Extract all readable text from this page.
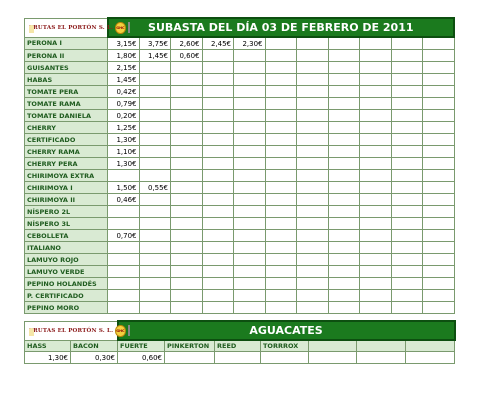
FRUTAS EL PORTÓN S. L. GHC	SUBASTA DEL DÍA 03 DE FEBRERO DE 2011										
PERONA I	3,15€	3,75€	2,60€	2,45€	2,30€						
PERONA II	1,80€	1,45€	0,60€								
GUISANTES	2,15€										
HABAS	1,45€										
TOMATE PERA	0,42€										
TOMATE RAMA	0,79€										
TOMATE DANIELA	0,20€										
CHERRY	1,25€										
CERTIFICADO	1,30€										
CHERRY RAMA	1,10€										
CHERRY PERA	1,30€										
CHIRIMOYA EXTRA											
CHIRIMOYA I	1,50€	0,55€									
CHIRIMOYA II	0,46€										
NÍSPERO 2L											
NÍSPERO 3L											
CEBOLLETA	0,70€										
ITALIANO											
LAMUYO ROJO											
LAMUYO VERDE											
PEPINO HOLANDÉS											
P. CERTIFICADO											
PEPINO MORO											
FRUTAS EL PORTÓN S. L. GHC		AGUACATES						
HASS	BACON	FUERTE	PINKERTON	REED	TORRROX			
1,30€	0,30€	0,60€						
